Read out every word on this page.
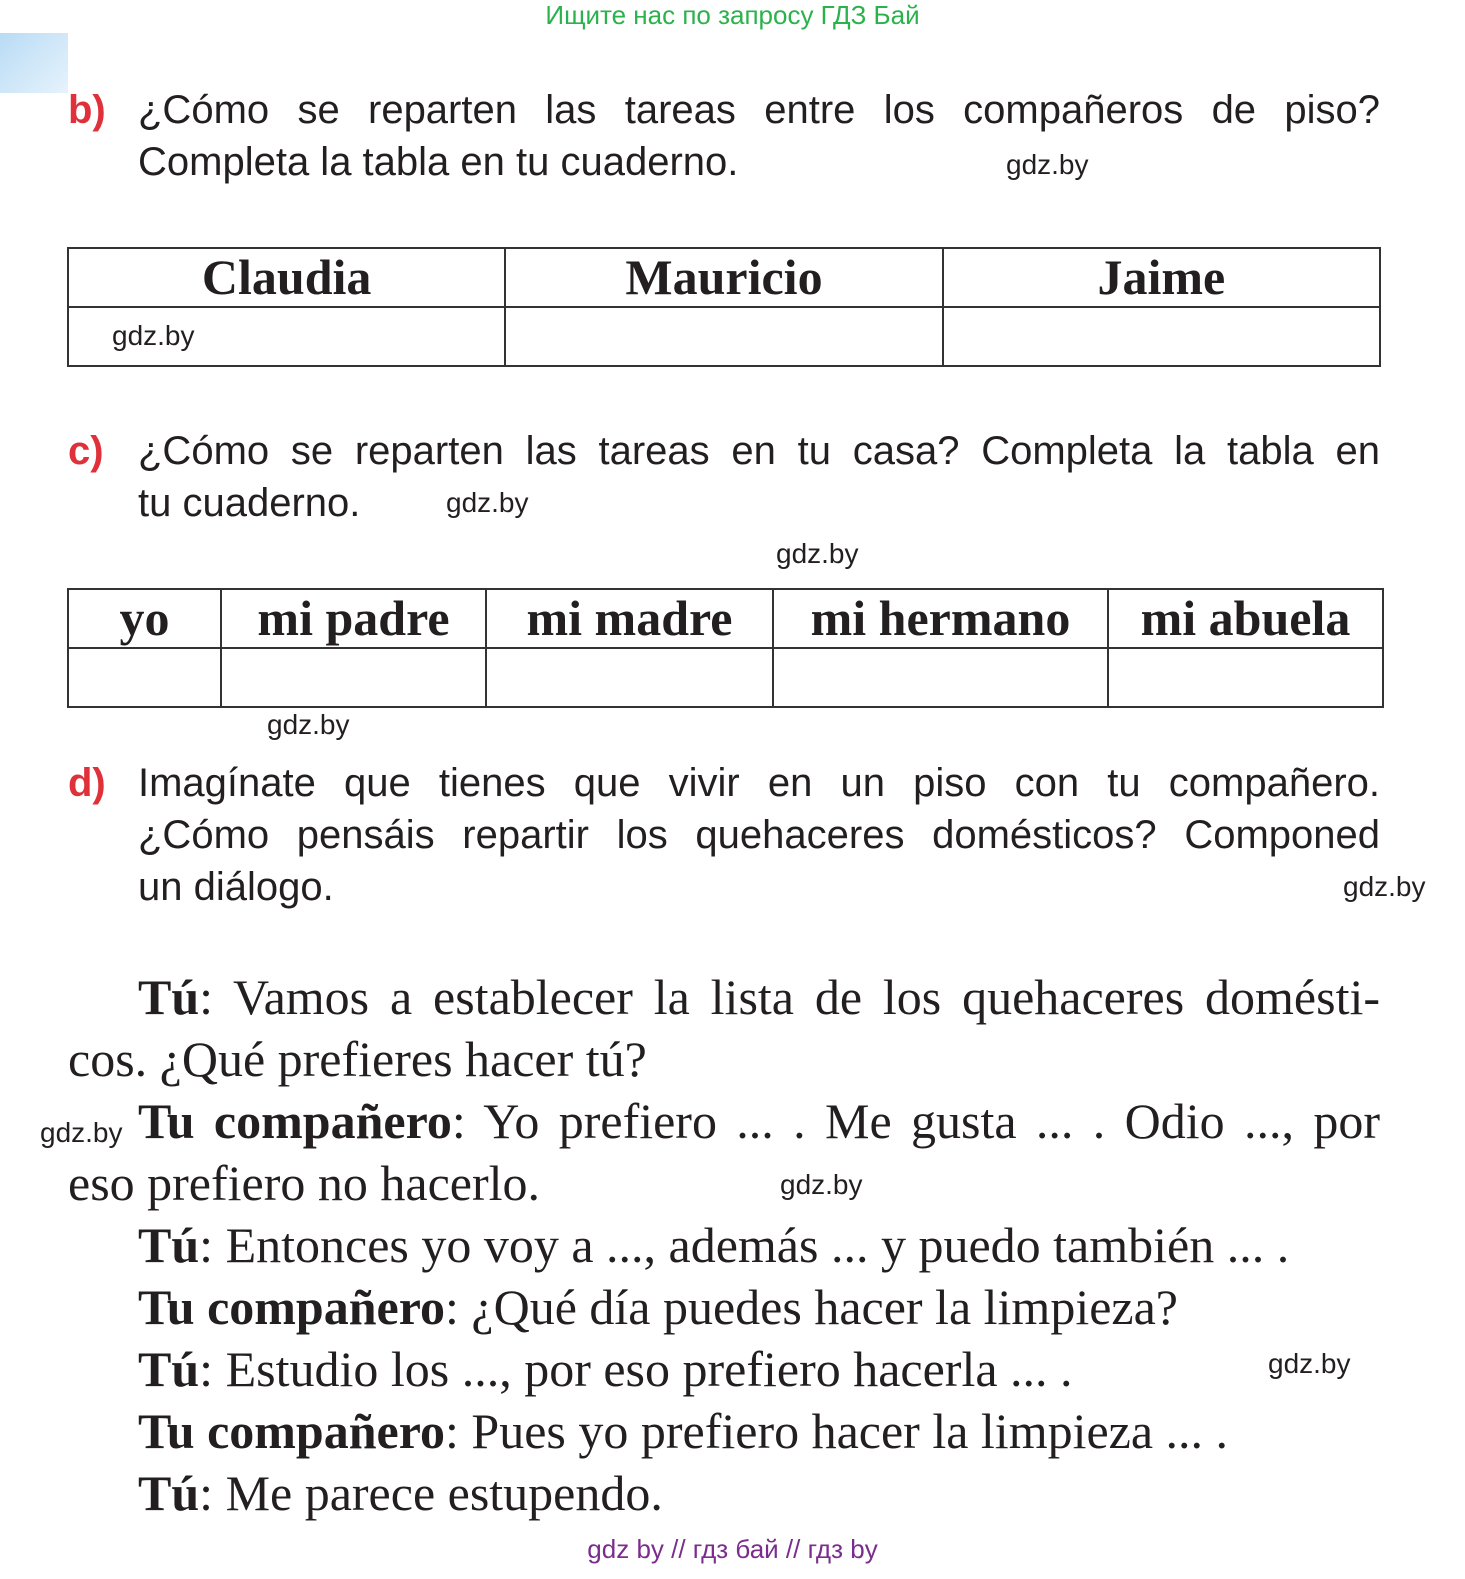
Ищите нас по запросу ГДЗ Бай
b) ¿Cómo se reparten las tareas entre los compañeros de piso?
Completa la tabla en tu cuaderno.	gdz.by
Claudia	Mauricio	Jaime

gdz.by
c) ¿Cómo se reparten las tareas en tu casa? Completa la tabla en
tu cuaderno.	gdz.by
gdz.by
yo	mi padre	mi madre	mi hermano	mi abuela

gdz.by
d) Imagínate que tienes que vivir en un piso con tu compañero.
¿Cómo pensáis repartir los quehaceres domésticos? Componed
un diálogo.	gdz.by
Tú: Vamos a establecer la lista de los quehaceres domésti-
cos. ¿Qué prefieres hacer tú?
Tu compañero: Yo prefiero ... . Me gusta ... . Odio ..., por
eso prefiero no hacerlo.
Tú: Entonces yo voy a ..., además ... y puedo también ... .
Tu compañero: ¿Qué día puedes hacer la limpieza?
Tú: Estudio los ..., por eso prefiero hacerla ... .
Tu compañero: Pues yo prefiero hacer la limpieza ... .
Tú: Me parece estupendo.
gdz.by
gdz.by
gdz.by
gdz by // гдз бай // гдз by
